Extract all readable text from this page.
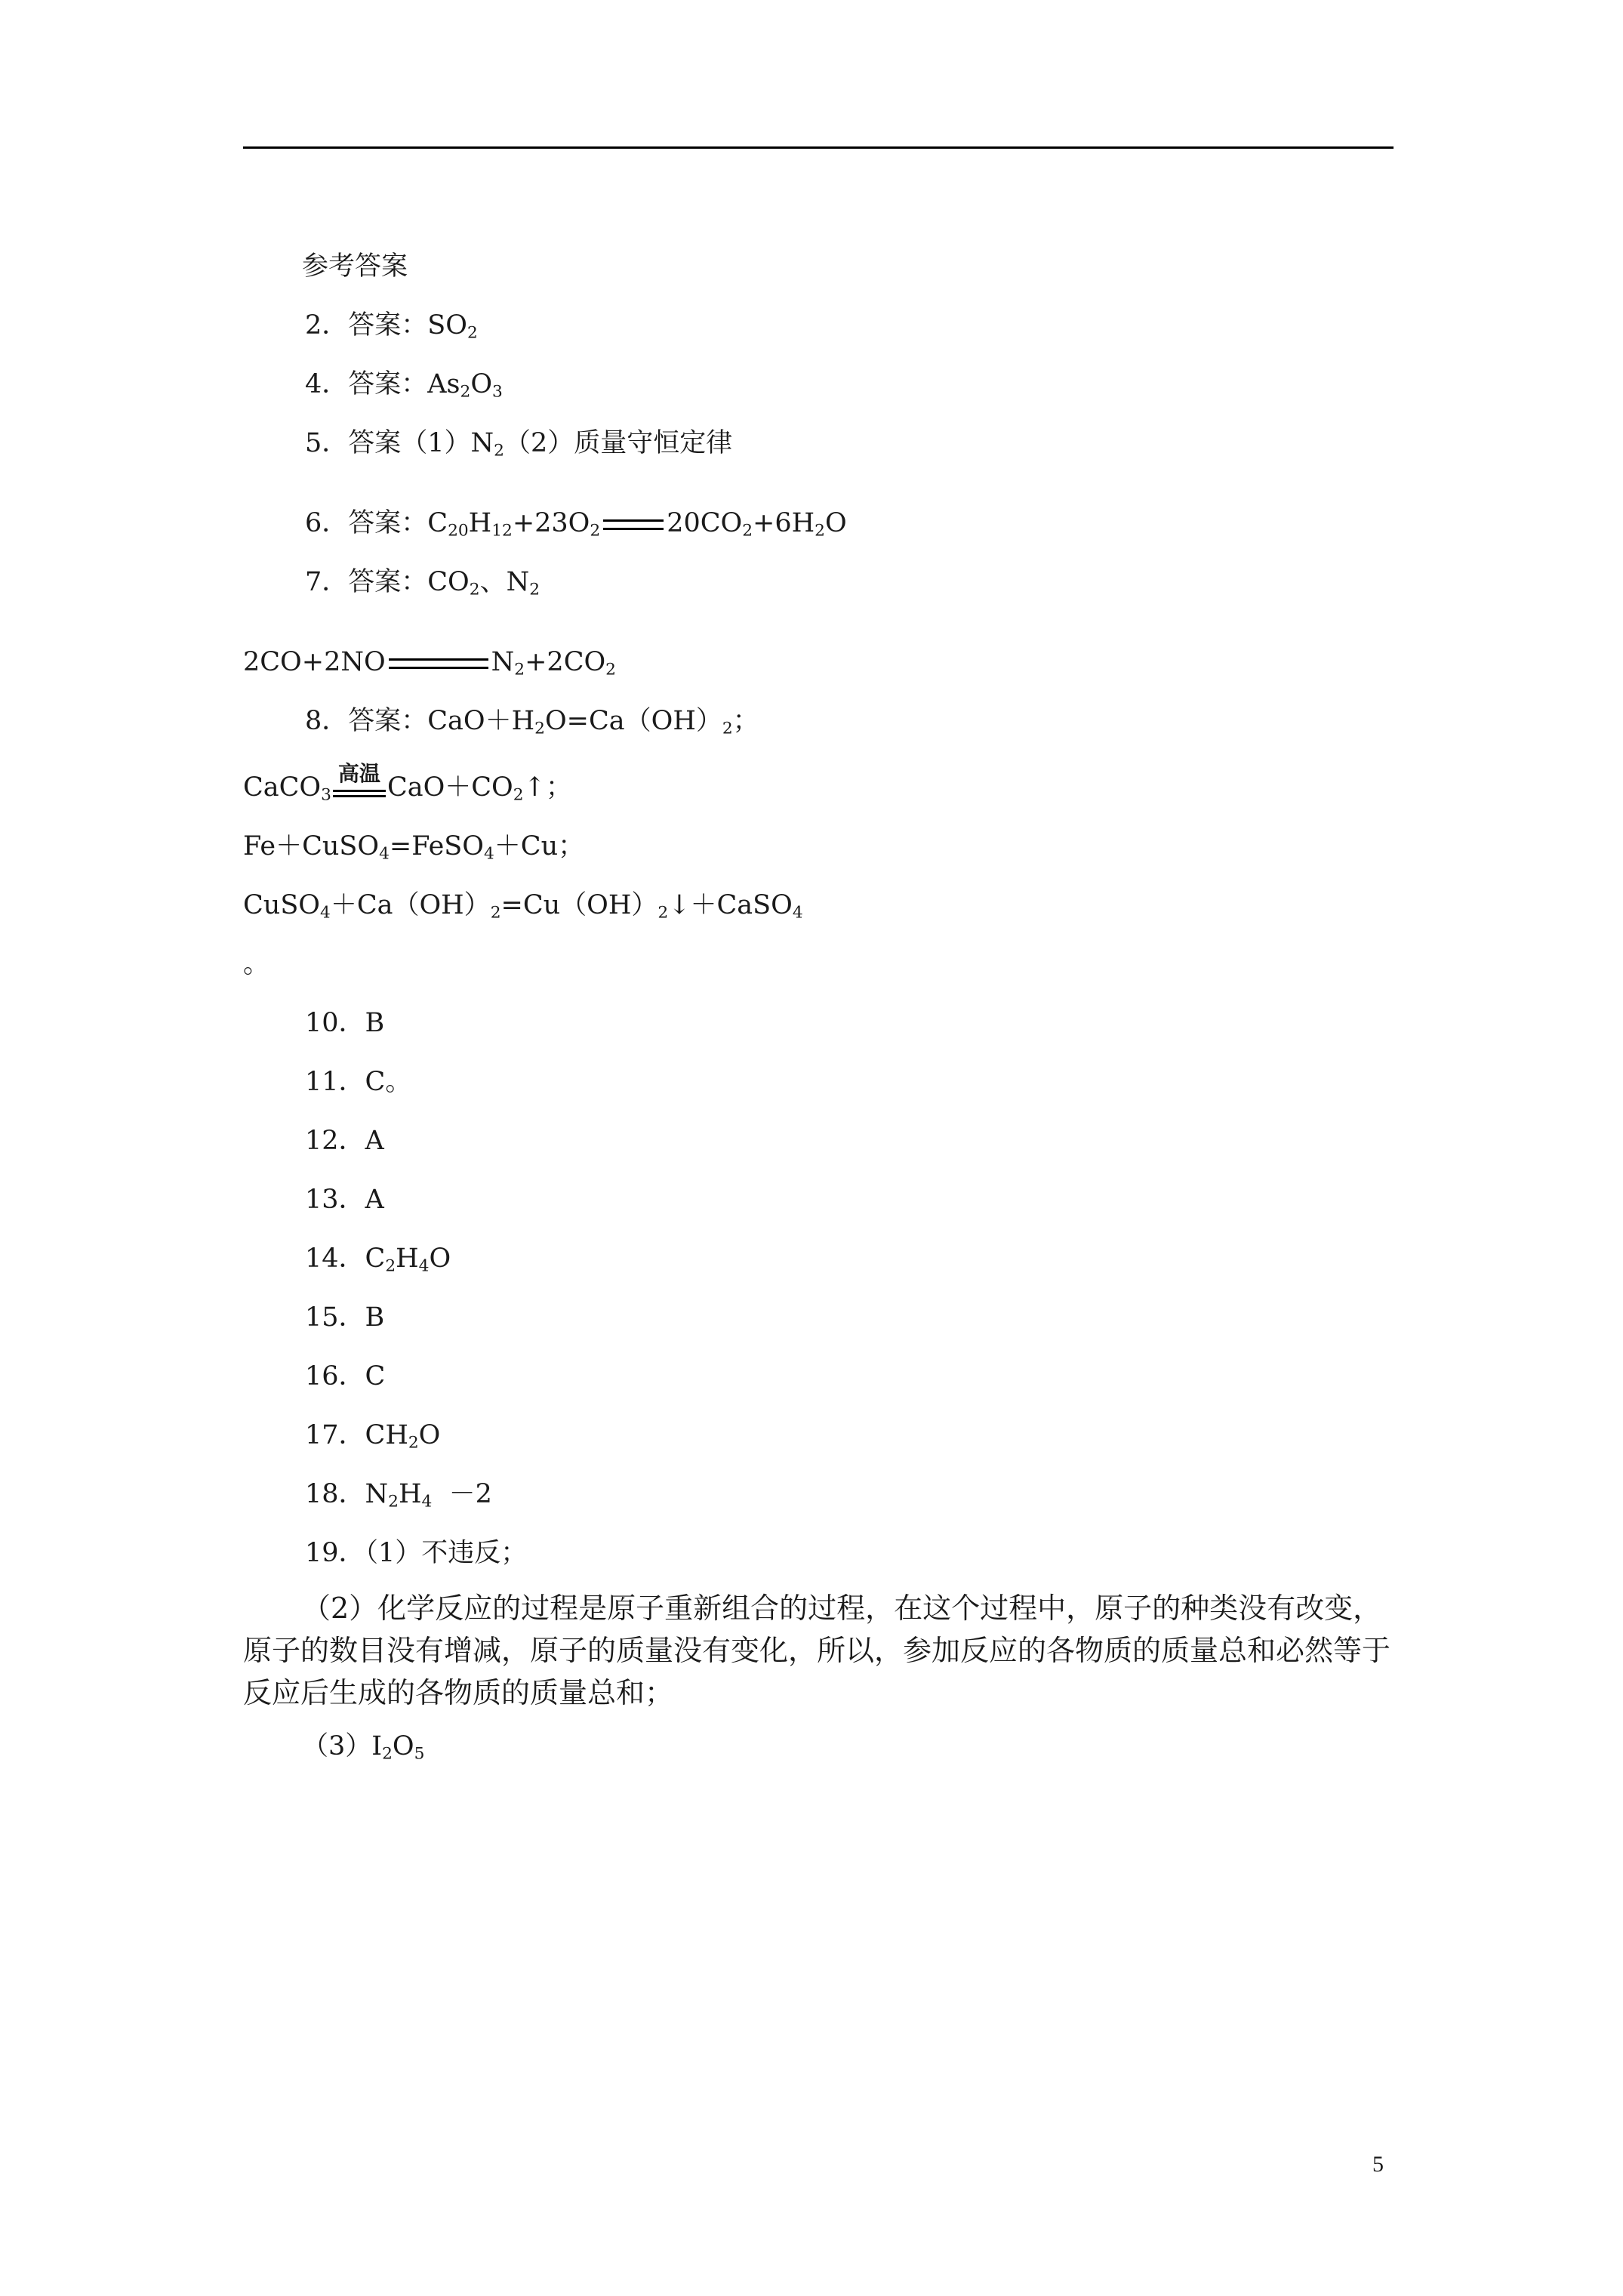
参考答案
2．答案：$SO_2$
4．答案：$As_2O_3$
5．答案$(1)N_2(2)$质量守恒定律
6．答案：$C_{20}H_{12}+23O_2$	$20CO_2+6H_2O$
7．答案：$CO_2$、$N_2$
2CO+2NO	$N_2+2CO_2$
8．答案：$CaO+H_2O=Ca(OH)_2$；
CaCO$_3$
高温 $CaO+CO_2↑$；
Fe＋CuSO$_4$=FeSO$_4$＋Cu；
$CuSO_4+Ca(OH)_2=Cu(OH)_2↓+CaSO_4$
。
10．B
11．C。
12．A
13．A
14．$C_2H_4O$
15．B
16．C
17．$CH_2O$
18．$N_2H_4 -2$
19．（1）不违反；
（2）化学反应的过程是原子重新组合的过程，在这个过程中，原子的种类没有改变，原子的数目没有增减，原子的质量没有变化，所以，参加反应的各物质的质量总和必然等于反应后生成的各物质的质量总和；
$(3)I_2O_5$
5
